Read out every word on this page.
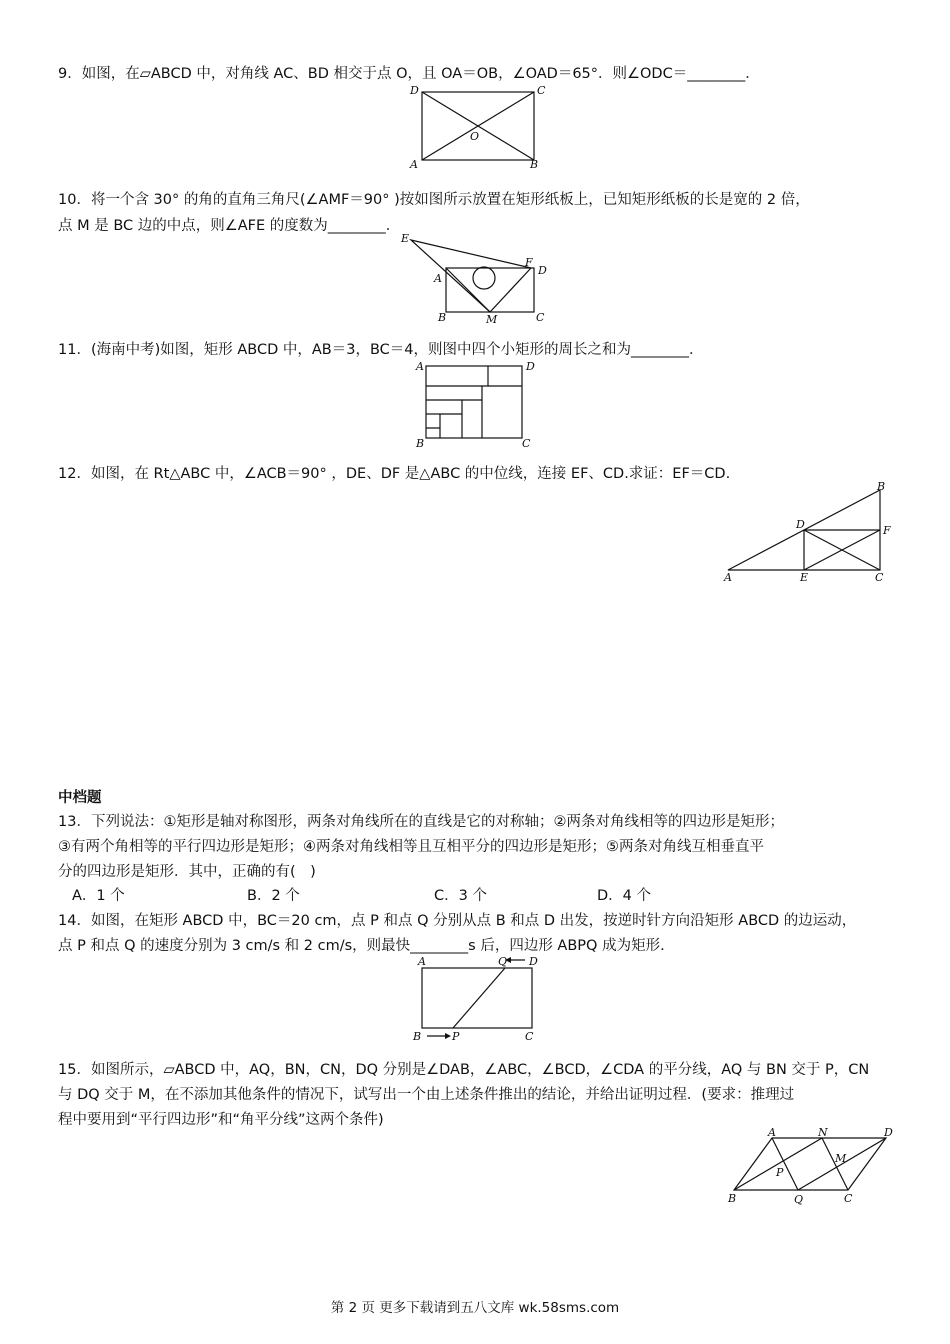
9．如图，在▱ABCD 中，对角线 AC、BD 相交于点 O，且 OA＝OB，∠OAD＝65°．则∠ODC＝________．
D	C
O
A	B
10．将一个含 30° 的角的直角三角尺(∠AMF＝90° )按如图所示放置在矩形纸板上，已知矩形纸板的长是宽的 2 倍，
点 M 是 BC 边的中点，则∠AFE 的度数为________．
E
F
D
A
B	M	C
11．(海南中考)如图，矩形 ABCD 中，AB＝3，BC＝4，则图中四个小矩形的周长之和为________．
A	D
B	C
12．如图，在 Rt△ABC 中，∠ACB＝90° ，DE、DF 是△ABC 的中位线，连接 EF、CD.求证：EF＝CD.
B
D	F
A	E	C
中档题
13．下列说法：①矩形是轴对称图形，两条对角线所在的直线是它的对称轴；②两条对角线相等的四边形是矩形；
③有两个角相等的平行四边形是矩形；④两条对角线相等且互相平分的四边形是矩形；⑤两条对角线互相垂直平
分的四边形是矩形．其中，正确的有(　)
A．1 个	B．2 个	C．3 个	D．4 个
14．如图，在矩形 ABCD 中，BC＝20 cm，点 P 和点 Q 分别从点 B 和点 D 出发，按逆时针方向沿矩形 ABCD 的边运动，
点 P 和点 Q 的速度分别为 3 cm/s 和 2 cm/s，则最快________s 后，四边形 ABPQ 成为矩形.
A	Q D
B	P	C
15．如图所示，▱ABCD 中，AQ，BN，CN，DQ 分别是∠DAB，∠ABC，∠BCD，∠CDA 的平分线，AQ 与 BN 交于 P，CN
与 DQ 交于 M，在不添加其他条件的情况下，试写出一个由上述条件推出的结论，并给出证明过程．(要求：推理过
程中要用到“平行四边形”和“角平分线”这两个条件)
A	N	D
M
P
B	Q	C
第 2 页 更多下载请到五八文库 wk.58sms.com
